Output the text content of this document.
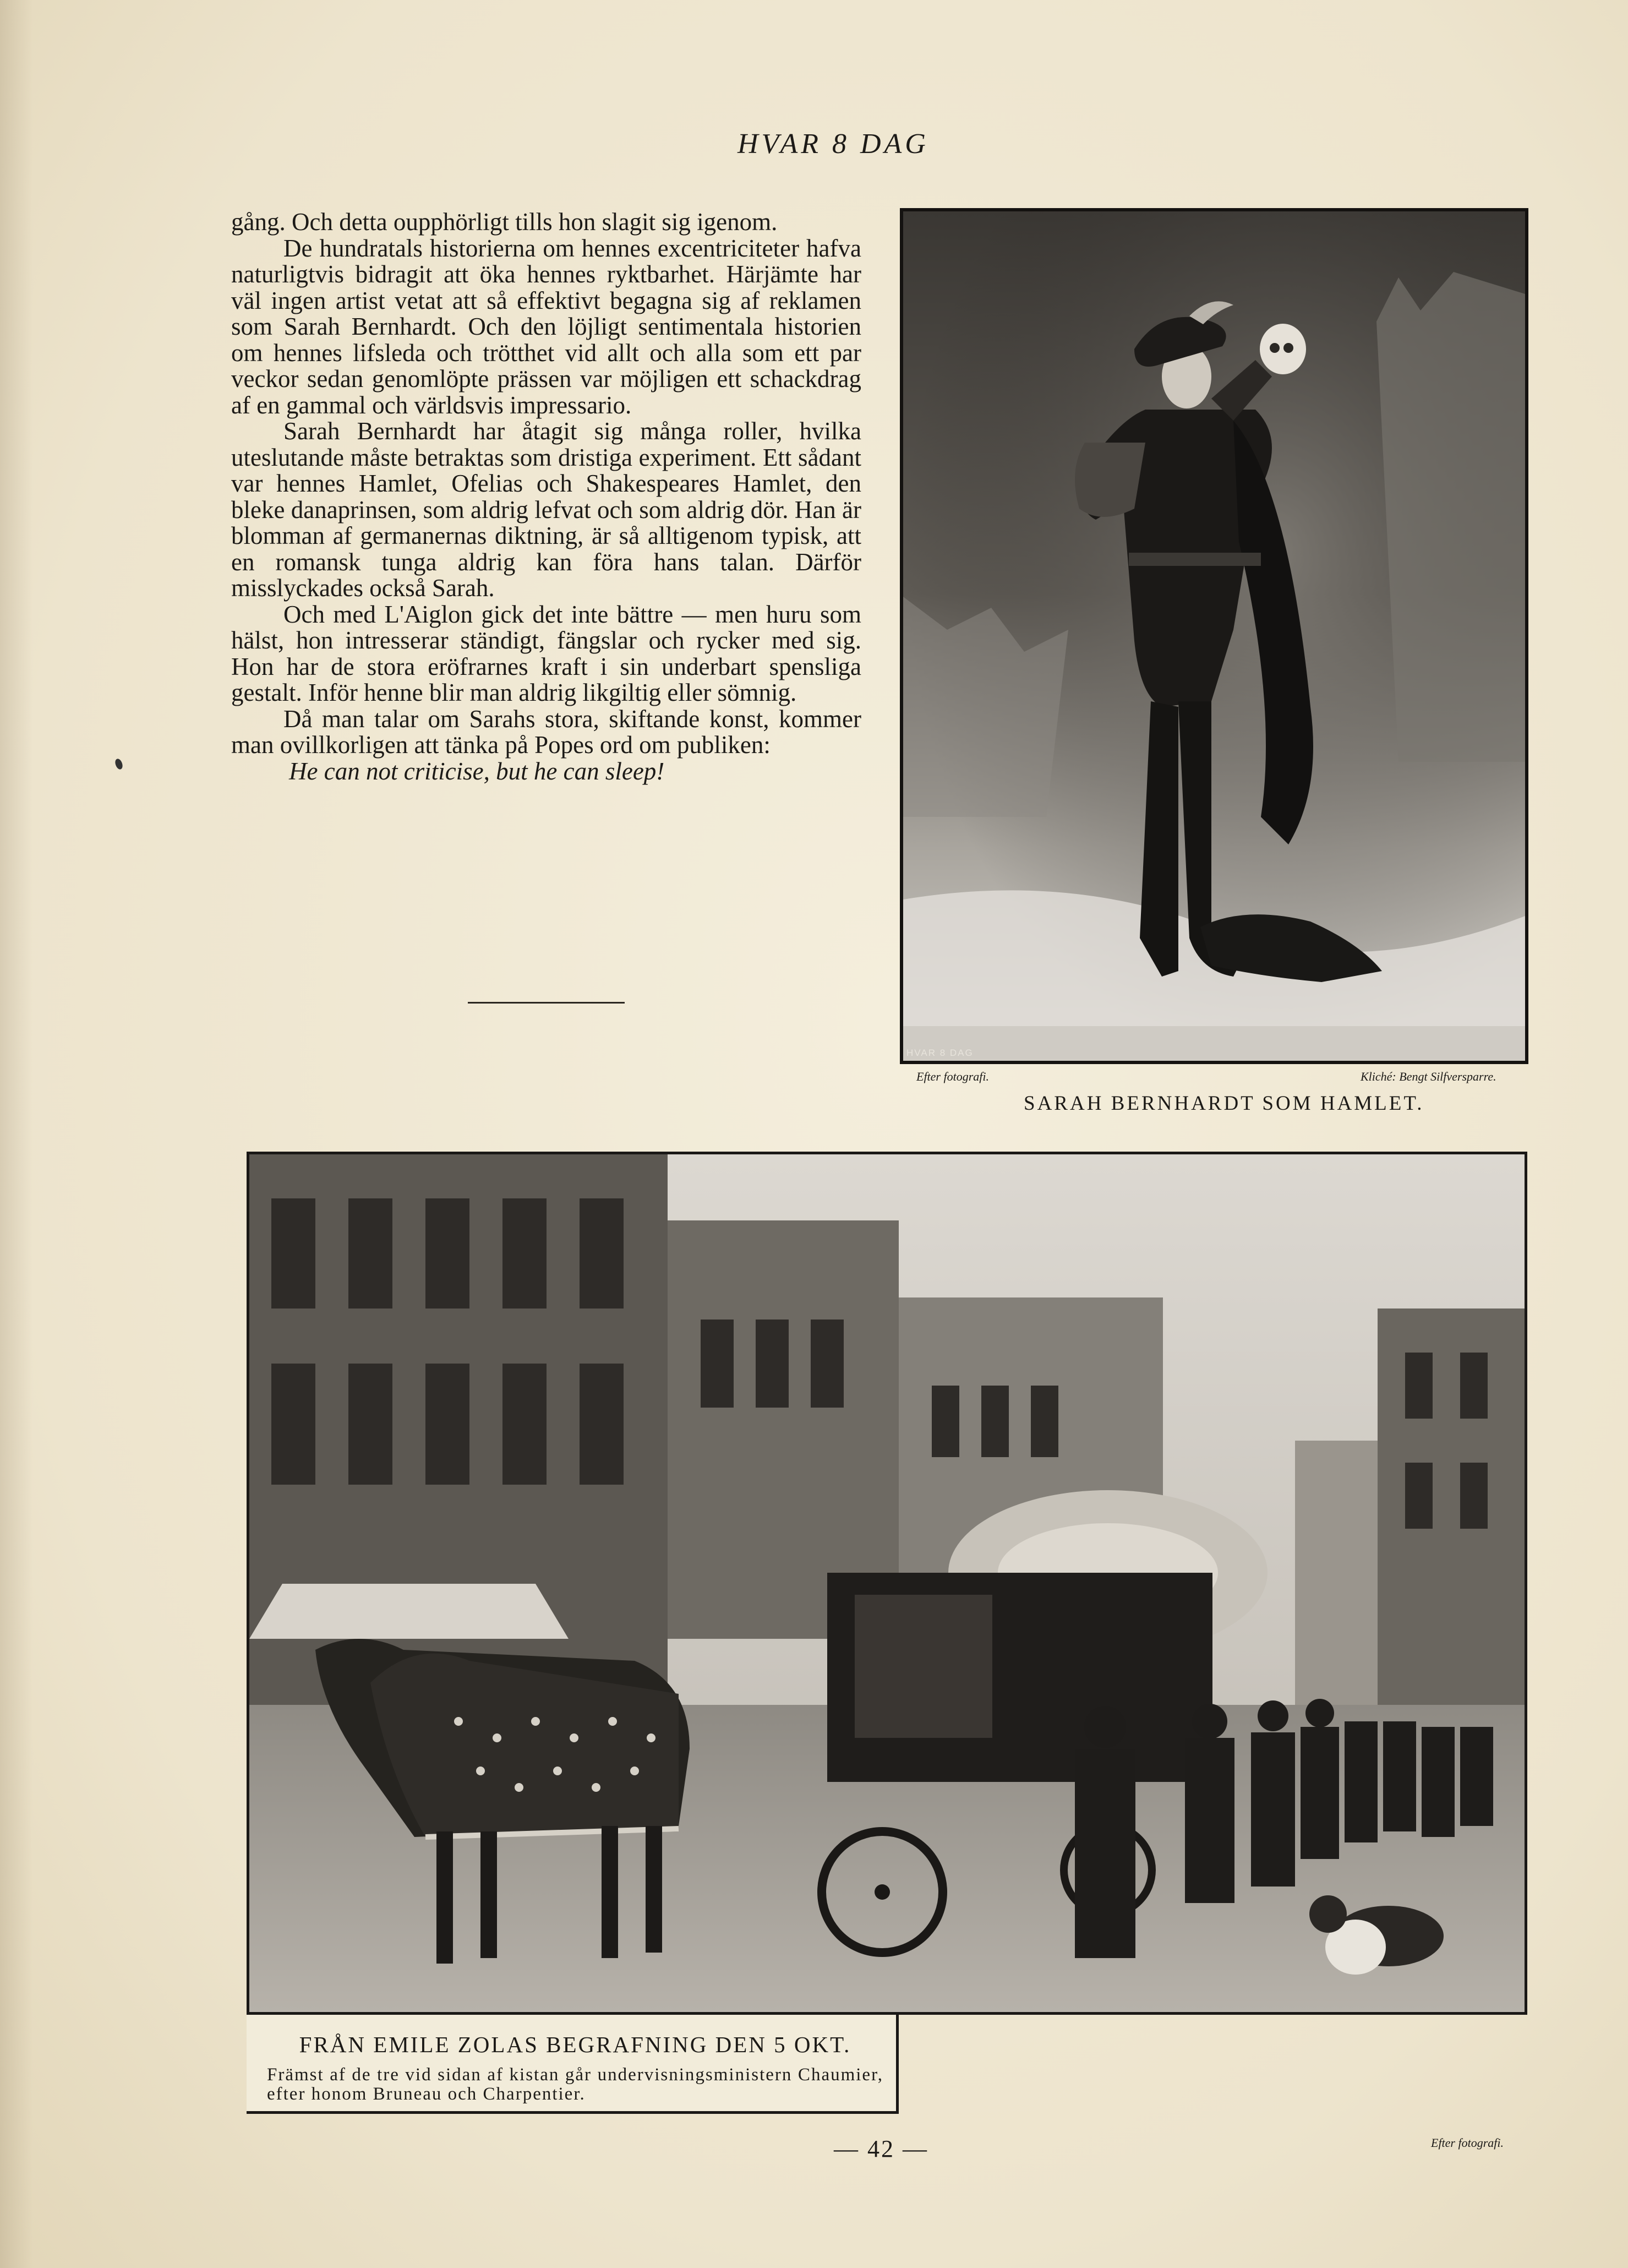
HVAR 8 DAG

gång. Och detta oupphörligt tills hon slagit sig igenom.

De hundratals historierna om hennes excentriciteter hafva naturligtvis bidragit att öka hennes ryktbarhet. Härjämte har väl ingen artist vetat att så effektivt begagna sig af reklamen som Sarah Bernhardt. Och den löjligt sentimentala historien om hennes lifsleda och trötthet vid allt och alla som ett par veckor sedan genomlöpte prässen var möjligen ett schackdrag af en gammal och världsvis impressario.

Sarah Bernhardt har åtagit sig många roller, hvilka uteslutande måste betraktas som dristiga experiment. Ett sådant var hennes Hamlet, Ofelias och Shakespeares Hamlet, den bleke danaprinsen, som aldrig lefvat och som aldrig dör. Han är blomman af germanernas diktning, är så alltigenom typisk, att en romansk tunga aldrig kan föra hans talan. Därför misslyckades också Sarah.

Och med L'Aiglon gick det inte bättre — men huru som hälst, hon intresserar ständigt, fängslar och rycker med sig. Hon har de stora eröfrarnes kraft i sin underbart spensliga gestalt. Inför henne blir man aldrig likgiltig eller sömnig.

Då man talar om Sarahs stora, skiftande konst, kommer man ovillkorligen att tänka på Popes ord om publiken:

He can not criticise, but he can sleep!

HVAR 8 DAG
Efter fotografi.	Kliché: Bengt Silfversparre.
SARAH BERNHARDT SOM HAMLET.
FRÅN EMILE ZOLAS BEGRAFNING DEN 5 OKT.
Främst af de tre vid sidan af kistan går undervisningsministern Chaumier, efter honom Bruneau och Charpentier.
Efter fotografi.
— 42 —
